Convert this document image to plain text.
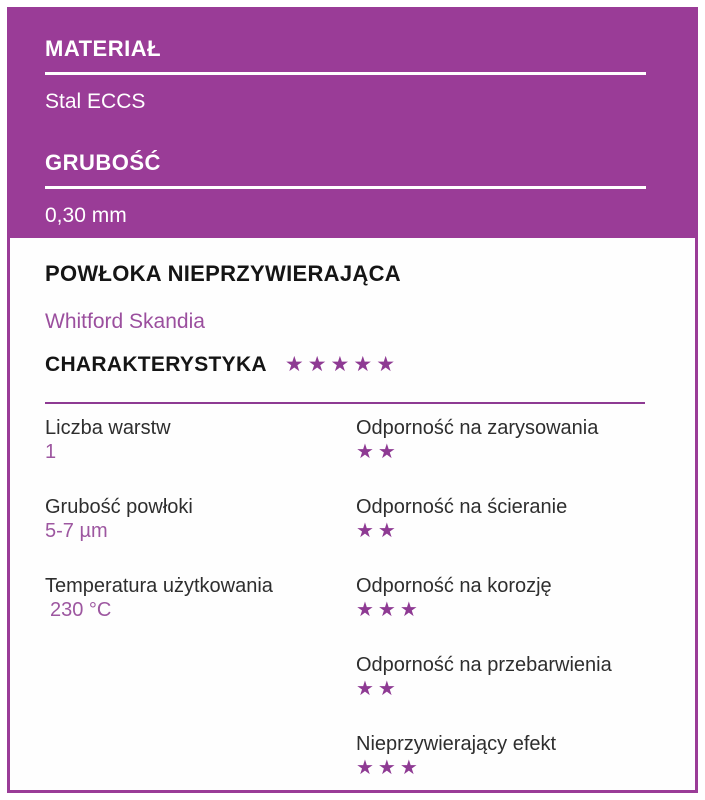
MATERIAŁ
Stal ECCS
GRUBOŚĆ
0,30 mm
POWŁOKA NIEPRZYWIERAJĄCA
Whitford Skandia
CHARAKTERYSTYKA ★★★★★
Liczba warstw
1
Grubość powłoki
5-7 µm
Temperatura użytkowania
230 °C
Odporność na zarysowania
★★
Odporność na ścieranie
★★
Odporność na korozję
★★★
Odporność na przebarwienia
★★
Nieprzywierający efekt
★★★
